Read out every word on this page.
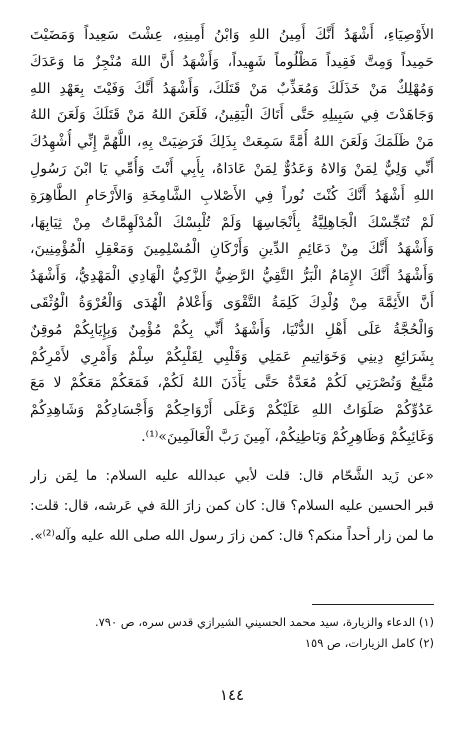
الأَوْصِيَاءِ، أَشْهَدُ أَنَّكَ أَمِينُ اللهِ وَابْنُ أَمِينِهِ، عِشْتَ سَعِيداً وَمَضَيْتَ
حَمِيداً وَمِتَّ فَقِيداً مَظْلُوماً شَهِيداً، وَأَشْهَدُ أَنَّ اللهَ مُنْجِزٌ مَا وَعَدَكَ
وَمُهْلِكٌ مَنْ خَذَلَكَ وَمُعَذِّبٌ مَنْ قَتَلَكَ، وَأَشْهَدُ أَنَّكَ وَفَيْتَ بِعَهْدِ اللهِ
وَجَاهَدْتَ فِي سَبِيلِهِ حَتَّى أَتَاكَ الْيَقِينُ، فَلَعَنَ اللهُ مَنْ قَتَلَكَ وَلَعَنَ اللهُ
مَنْ ظَلَمَكَ وَلَعَنَ اللهُ أُمَّةً سَمِعَتْ بِذَلِكَ فَرَضِيَتْ بِهِ، اللَّهُمَّ إِنِّي أُشْهِدُكَ
أَنِّي وَلِيٌّ لِمَنْ وَالاهُ وَعَدُوٌّ لِمَنْ عَادَاهُ، بِأَبِي أَنْتَ وَأُمِّي يَا ابْنَ رَسُولِ
اللهِ أَشْهَدُ أَنَّكَ كُنْتَ نُوراً فِي الأَصْلابِ الشَّامِخَةِ وَالأَرْحَامِ الطَّاهِرَةِ
لَمْ تُنَجِّسْكَ الْجَاهِلِيَّةُ بِأَنْجَاسِهَا وَلَمْ تُلْبِسْكَ الْمُدْلَهِمَّاتُ مِنْ ثِيَابِهَا،
وَأَشْهَدُ أَنَّكَ مِنْ دَعَائِمِ الدِّينِ وَأَرْكَانِ الْمُسْلِمِينَ وَمَعْقِلِ الْمُؤْمِنِينَ،
وَأَشْهَدُ أَنَّكَ الإِمَامُ الْبَرُّ التَّقِيُّ الرَّضِيُّ الزَّكِيُّ الْهَادِي الْمَهْدِيُّ، وَأَشْهَدُ
أَنَّ الأَئِمَّةَ مِنْ وُلْدِكَ كَلِمَةُ التَّقْوَى وَأَعْلامُ الْهُدَى وَالْعُرْوَةُ الْوُثْقَى
وَالْحُجَّةُ عَلَى أَهْلِ الدُّنْيَا، وَأَشْهَدُ أَنِّي بِكُمْ مُؤْمِنٌ وَبِإِيَابِكُمْ مُوقِنٌ
بِشَرَائِعِ دِينِي وَخَوَاتِيمِ عَمَلِي وَقَلْبِي لِقَلْبِكُمْ سِلْمٌ وَأَمْرِي لأَمْرِكُمْ
مُتَّبِعٌ وَنُصْرَتِي لَكُمْ مُعَدَّةٌ حَتَّى يَأْذَنَ اللهُ لَكُمْ، فَمَعَكُمْ مَعَكُمْ لا مَعَ
عَدُوِّكُمْ صَلَوَاتُ اللهِ عَلَيْكُمْ وَعَلَى أَرْوَاحِكُمْ وَأَجْسَادِكُمْ وَشَاهِدِكُمْ
وَغَائِبِكُمْ وَظَاهِرِكُمْ وَبَاطِنِكُمْ، آمِينَ رَبَّ الْعَالَمِينَ»⁽¹⁾.
«عن زَيد الشَّحّام قال: قلت لأبي عبدالله عليه السلام: ما لِمَن زار
قبر الحسين عليه السلام؟ قال: كان كمن زارَ اللهَ في عَرشه، قال: قلت:
ما لمن زار أحداً منكم؟ قال: كمن زارَ رسول الله صلى الله عليه وآله⁽²⁾».
(١) الدعاء والزيارة، سيد محمد الحسيني الشيرازي قدس سره، ص ٧٩٠.
(٢) كامل الزيارات، ص ١٥٩
١٤٤
